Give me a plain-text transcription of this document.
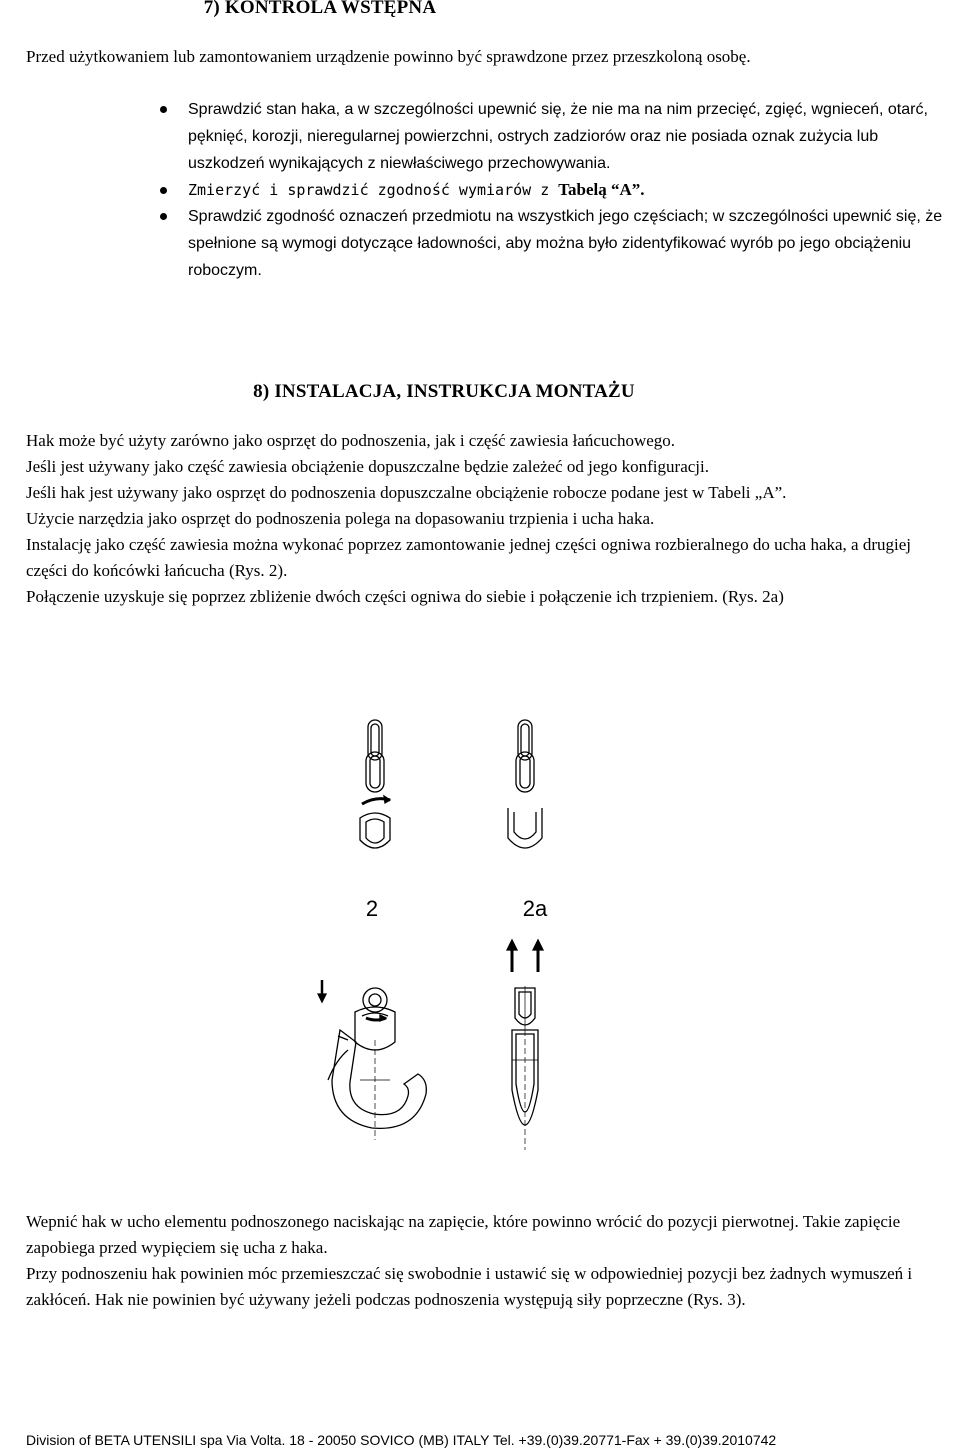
7) KONTROLA WSTĘPNA

Przed użytkowaniem lub zamontowaniem urządzenie powinno być sprawdzone przez przeszkoloną osobę.

Sprawdzić stan haka, a w szczególności upewnić się, że nie ma na nim przecięć, zgięć, wgnieceń, otarć, pęknięć, korozji, nieregularnej powierzchni, ostrych zadziorów oraz nie posiada oznak zużycia lub uszkodzeń wynikających z niewłaściwego przechowywania.
Zmierzyć i sprawdzić zgodność wymiarów z Tabelą “A”.
Sprawdzić zgodność oznaczeń przedmiotu na wszystkich jego częściach; w szczególności upewnić się, że spełnione są wymogi dotyczące ładowności, aby można było zidentyfikować wyrób po jego obciążeniu roboczym.
8) INSTALACJA, INSTRUKCJA MONTAŻU

Hak może być użyty zarówno jako osprzęt do podnoszenia, jak i część zawiesia łańcuchowego.

Jeśli jest używany jako część zawiesia obciążenie dopuszczalne będzie zależeć od jego konfiguracji.

Jeśli hak jest używany jako osprzęt do podnoszenia dopuszczalne obciążenie robocze podane jest w Tabeli „A”.

Użycie narzędzia jako osprzęt do podnoszenia polega na dopasowaniu trzpienia i ucha haka.

Instalację jako część zawiesia można wykonać poprzez zamontowanie jednej części ogniwa rozbieralnego do ucha haka, a drugiej części do końcówki łańcucha (Rys. 2).

Połączenie uzyskuje się poprzez zbliżenie dwóch części ogniwa do siebie i połączenie ich trzpieniem. (Rys. 2a)

2	2a

Wepnić hak w ucho elementu podnoszonego naciskając na zapięcie, które powinno wrócić do pozycji pierwotnej. Takie zapięcie zapobiega przed wypięciem się ucha z haka.

Przy podnoszeniu hak powinien móc przemieszczać się swobodnie i ustawić się w odpowiedniej pozycji bez żadnych wymuszeń i zakłóceń. Hak nie powinien być używany jeżeli podczas podnoszenia występują siły poprzeczne (Rys. 3).

Division of BETA UTENSILI spa Via Volta. 18 - 20050 SOVICO (MB) ITALY Tel. +39.(0)39.20771-Fax + 39.(0)39.2010742
